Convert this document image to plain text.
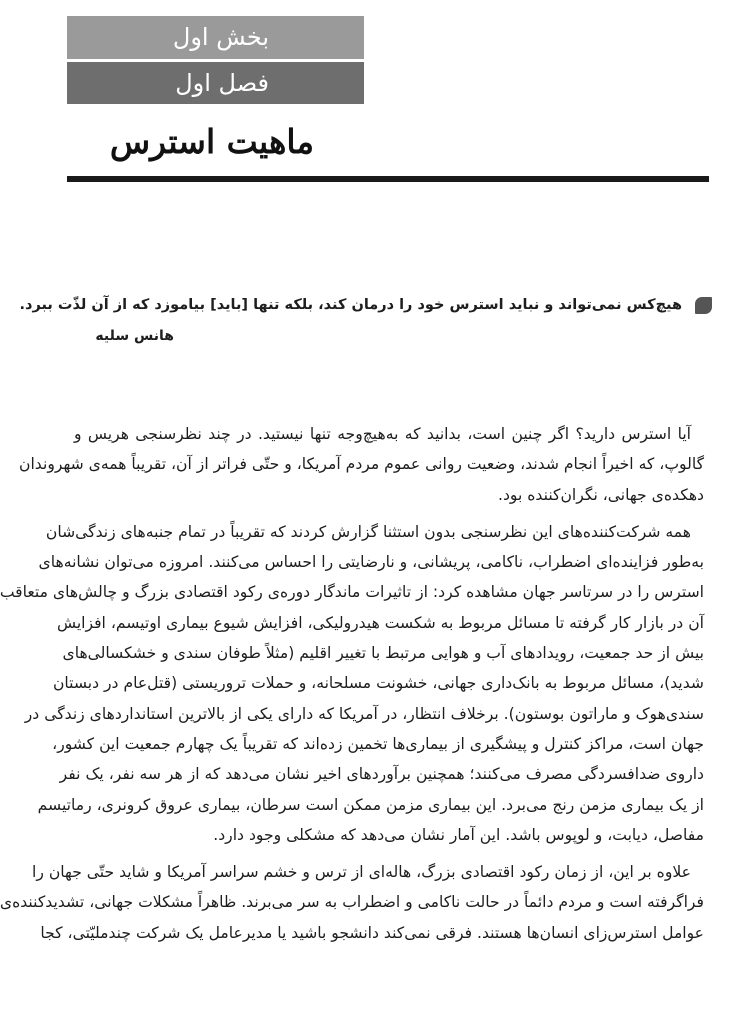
بخش اول
فصل اول
ماهیت استرس
هیچ‌کس نمی‌تواند و نباید استرس خود را درمان کند، بلکه تنها [باید] بیاموزد که از آن لذّت ببرد.
هانس سلیه
آیا استرس دارید؟ اگر چنین است، بدانید که به‌هیچ‌وجه تنها نیستید. در چند نظرسنجی هریس و
گالوپ، که اخیراً انجام شدند، وضعیت روانی عموم مردم آمریکا، و حتّی فراتر از آن، تقریباً همه‌ی شهروندان
دهکده‌ی جهانی، نگران‌کننده بود.
همه شرکت‌کننده‌های این نظرسنجی بدون استثنا گزارش کردند که تقریباً در تمام جنبه‌های زندگی‌شان
به‌طور فزاینده‌ای اضطراب، ناکامی، پریشانی، و نارضایتی را احساس می‌کنند. امروزه می‌توان نشانه‌های
استرس را در سرتاسر جهان مشاهده کرد: از تاثیرات ماندگار دوره‌ی رکود اقتصادی بزرگ و چالش‌های متعاقب
آن در بازار کار گرفته تا مسائل مربوط به شکست هیدرولیکی، افزایش شیوع بیماری اوتیسم، افزایش
بیش از حد جمعیت، رویدادهای آب و هوایی مرتبط با تغییر اقلیم (مثلاً طوفان سندی و خشکسالی‌های
شدید)، مسائل مربوط به بانک‌داری جهانی، خشونت مسلحانه، و حملات تروریستی (قتل‌عام در دبستان
سندی‌هوک و ماراتون بوستون). برخلاف انتظار، در آمریکا که دارای یکی از بالاترین استانداردهای زندگی در
جهان است، مراکز کنترل و پیشگیری از بیماری‌ها تخمین زده‌اند که تقریباً یک چهارم جمعیت این کشور،
داروی ضدافسردگی مصرف می‌کنند؛ همچنین برآوردهای اخیر نشان می‌دهد که از هر سه نفر، یک نفر
از یک بیماری مزمن رنج می‌برد. این بیماری مزمن ممکن است سرطان، بیماری عروق کرونری، رماتیسم
مفاصل، دیابت، و لوپوس باشد. این آمار نشان می‌دهد که مشکلی وجود دارد.
علاوه بر این، از زمان رکود اقتصادی بزرگ، هاله‌ای از ترس و خشم سراسر آمریکا و شاید حتّی جهان را
فراگرفته است و مردم دائماً در حالت ناکامی و اضطراب به سر می‌برند. ظاهراً مشکلات جهانی، تشدیدکننده‌ی
عوامل استرس‌زای انسان‌ها هستند. فرقی نمی‌کند دانشجو باشید یا مدیرعامل یک شرکت چندملیّتی، کجا
